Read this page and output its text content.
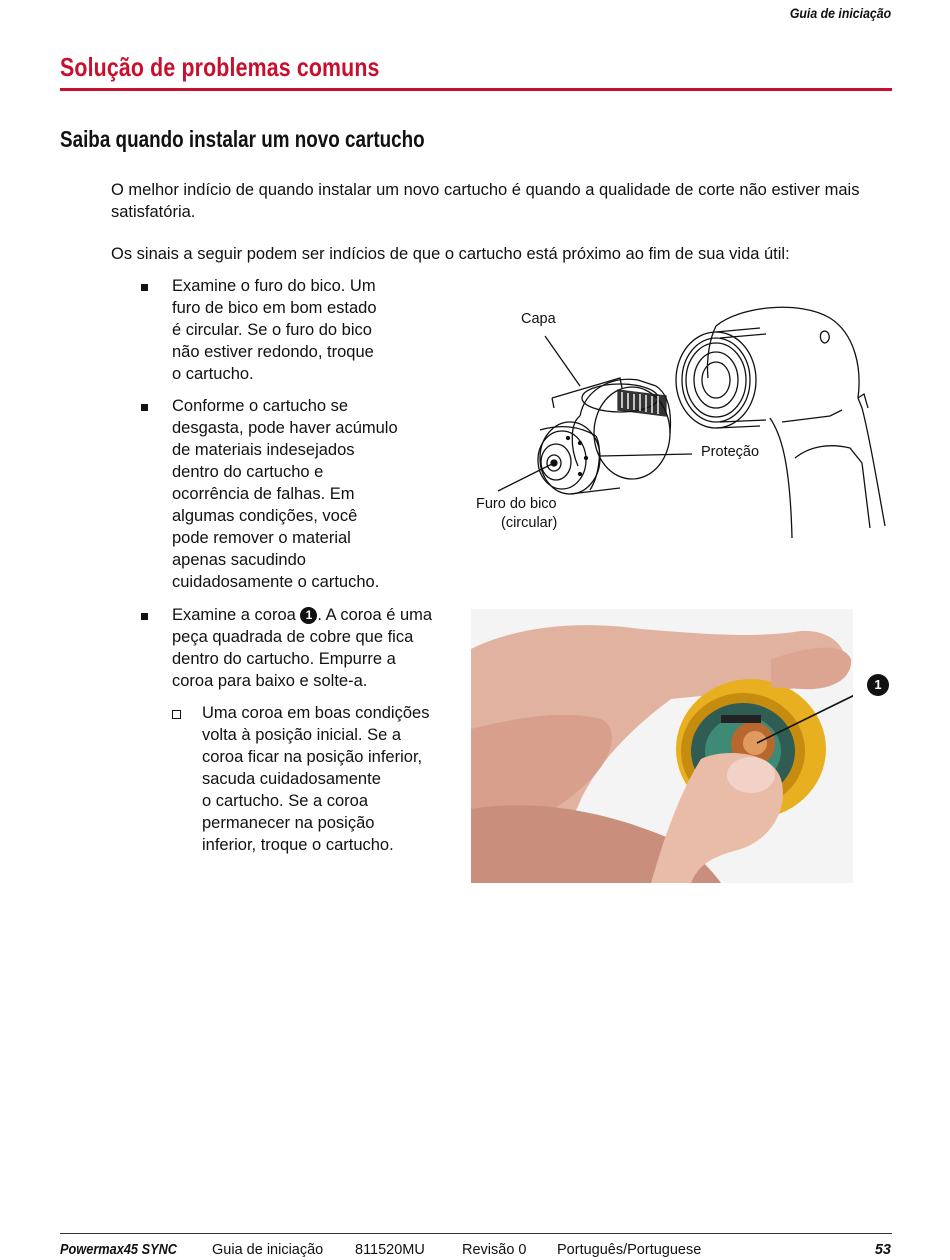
Guia de iniciação
Solução de problemas comuns
Saiba quando instalar um novo cartucho
O melhor indício de quando instalar um novo cartucho é quando a qualidade de corte não estiver mais satisfatória.
Os sinais a seguir podem ser indícios de que o cartucho está próximo ao fim de sua vida útil:
Examine o furo do bico. Um
furo de bico em bom estado
é circular. Se o furo do bico
não estiver redondo, troque
o cartucho.
Conforme o cartucho se
desgasta, pode haver acúmulo
de materiais indesejados
dentro do cartucho e
ocorrência de falhas. Em
algumas condições, você
pode remover o material
apenas sacudindo
cuidadosamente o cartucho.
Examine a coroa 1 . A coroa é uma
peça quadrada de cobre que fica
dentro do cartucho. Empurre a
coroa para baixo e solte-a.
Uma coroa em boas condições
volta à posição inicial. Se a
coroa ficar na posição inferior,
sacuda cuidadosamente
o cartucho. Se a coroa
permanecer na posição
inferior, troque o cartucho.
Capa
Proteção
Furo do bico
(circular)
1
Powermax45 SYNC Guia de iniciação 811520MU	Revisão 0 Português/Portuguese	53
